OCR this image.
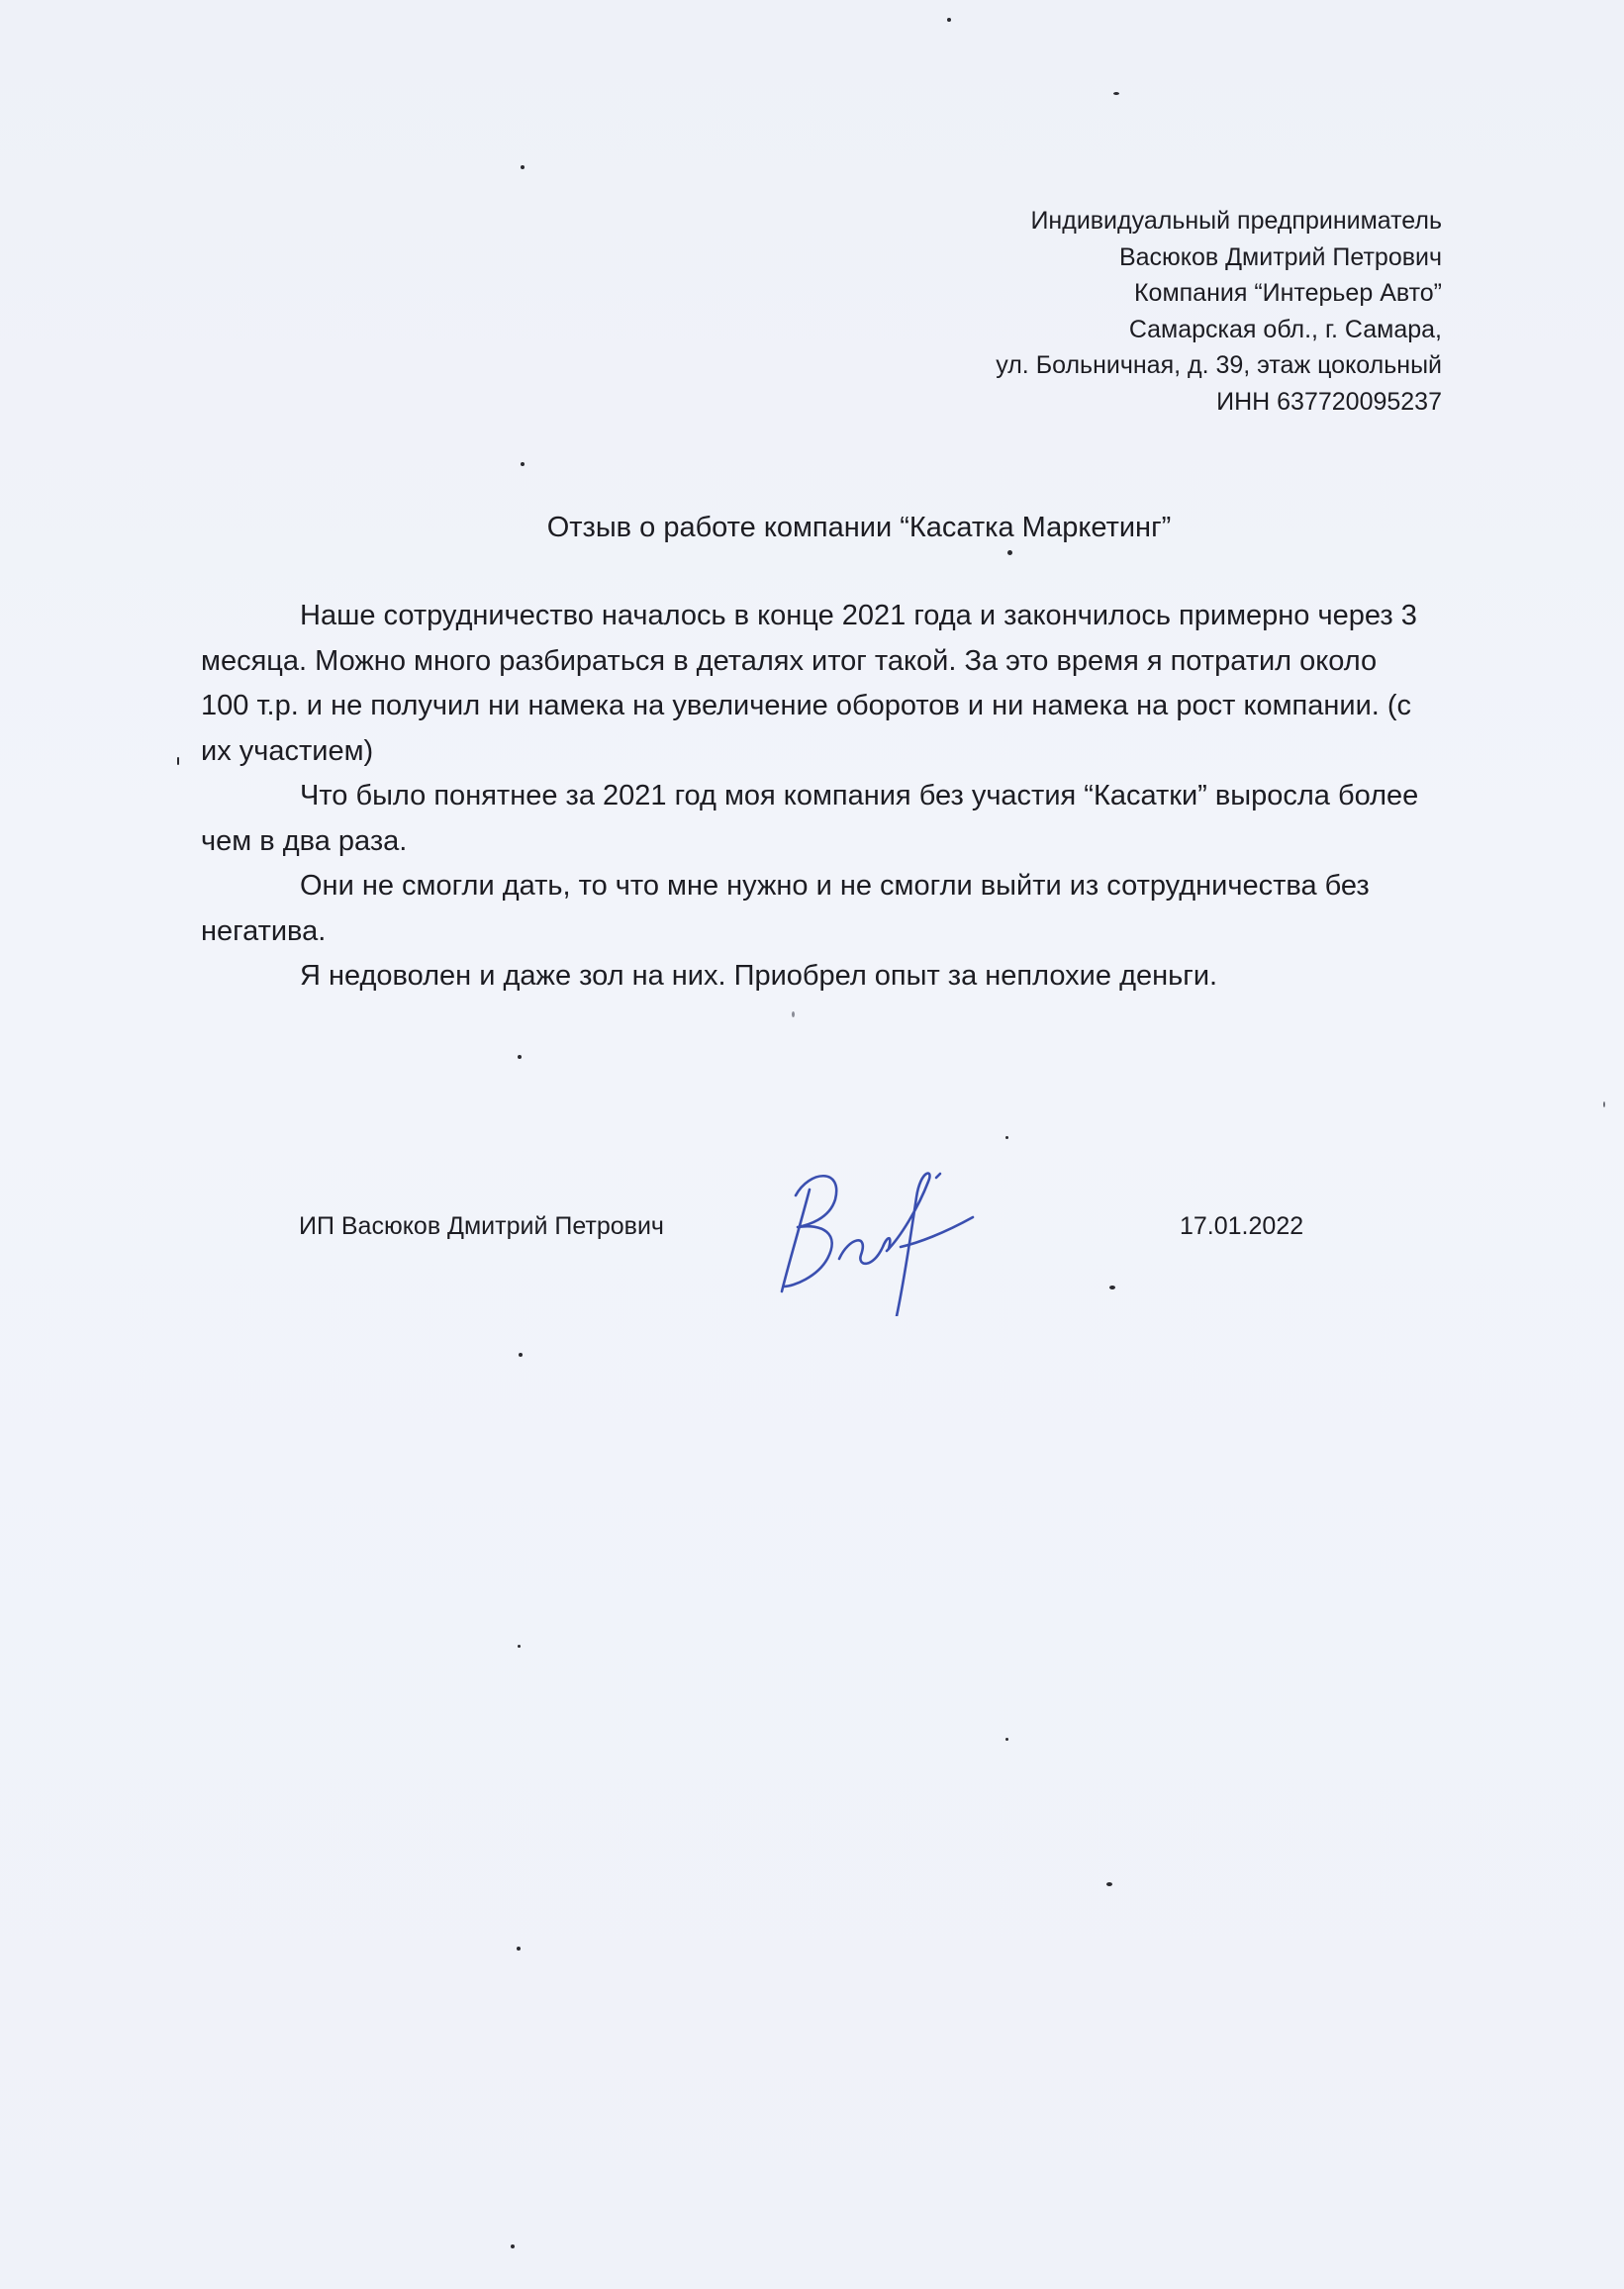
Индивидуальный предприниматель
Васюков Дмитрий Петрович
Компания “Интерьер Авто”
Самарская обл., г. Самара,
ул. Больничная, д. 39, этаж цокольный
ИНН 637720095237
Отзыв о работе компании “Касатка Маркетинг”

Наше сотрудничество началось в конце 2021 года и закончилось примерно через 3 месяца. Можно много разбираться в деталях итог такой. За это время я потратил около 100 т.р. и не получил ни намека на увеличение оборотов и ни намека на рост компании. (с их участием)

Что было понятнее за 2021 год моя компания без участия “Касатки” выросла более чем в два раза.

Они не смогли дать, то что мне нужно и не смогли выйти из сотрудничества без негатива.

Я недоволен и даже зол на них. Приобрел опыт за неплохие деньги.

ИП Васюков Дмитрий Петрович	17.01.2022
